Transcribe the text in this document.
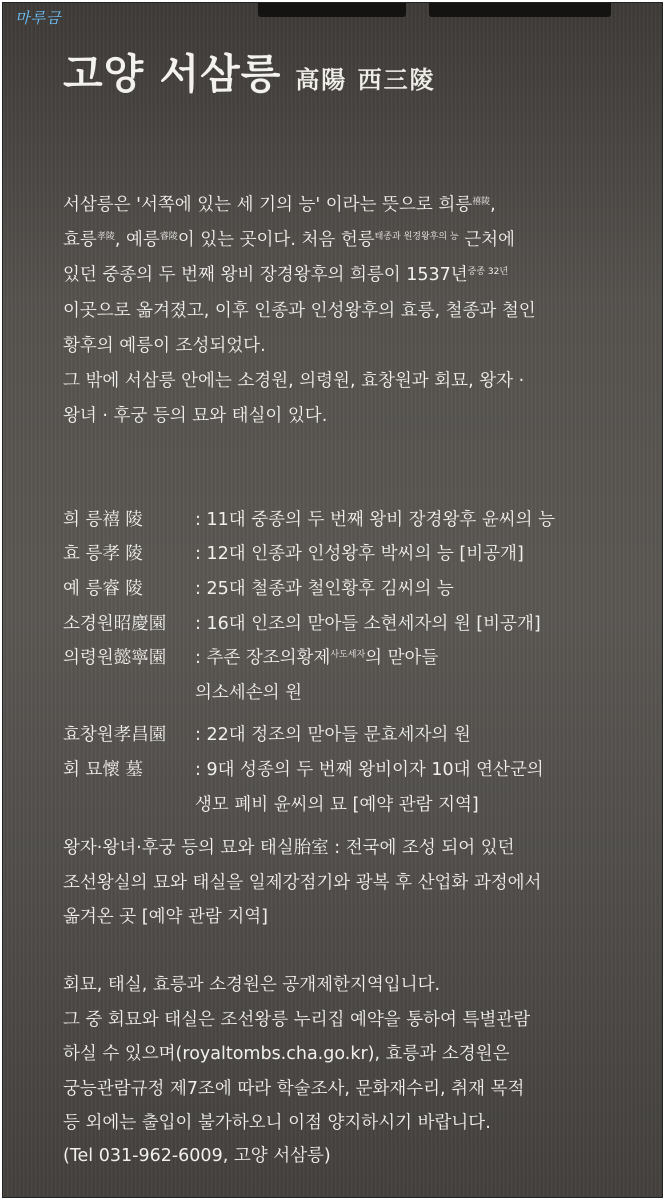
마루금
고양 서삼릉 高陽 西三陵
서삼릉은 '서쪽에 있는 세 기의 능' 이라는 뜻으로 희릉$^{禧陵}$,
효릉$^{孝陵}$, 예릉$^{睿陵}$이 있는 곳이다. 처음 헌릉$^{태종과 원경왕후의 능}$ 근처에
있던 중종의 두 번째 왕비 장경왕후의 희릉이 1537년$^{중종 32년}$
이곳으로 옮겨졌고, 이후 인종과 인성왕후의 효릉, 철종과 철인
황후의 예릉이 조성되었다.
그 밖에 서삼릉 안에는 소경원, 의령원, 효창원과 회묘, 왕자 ·
왕녀 · 후궁 등의 묘와 태실이 있다.
희 릉禧 陵	: 11대 중종의 두 번째 왕비 장경왕후 윤씨의 능
효 릉孝 陵	: 12대 인종과 인성왕후 박씨의 능 [비공개]
예 릉睿 陵	: 25대 철종과 철인황후 김씨의 능
소경원昭慶園 : 16대 인조의 맏아들 소현세자의 원 [비공개]
의령원懿寧園 : 추존 장조의황제$^{사도세자}$의 맏아들
의소세손의 원
효창원孝昌園 : 22대 정조의 맏아들 문효세자의 원
회 묘懷 墓	: 9대 성종의 두 번째 왕비이자 10대 연산군의
생모 폐비 윤씨의 묘 [예약 관람 지역]
왕자·왕녀·후궁 등의 묘와 태실胎室 : 전국에 조성 되어 있던
조선왕실의 묘와 태실을 일제강점기와 광복 후 산업화 과정에서
옮겨온 곳 [예약 관람 지역]
회묘, 태실, 효릉과 소경원은 공개제한지역입니다.
그 중 회묘와 태실은 조선왕릉 누리집 예약을 통하여 특별관람
하실 수 있으며(royaltombs.cha.go.kr), 효릉과 소경원은
궁능관람규정 제7조에 따라 학술조사, 문화재수리, 취재 목적
등 외에는 출입이 불가하오니 이점 양지하시기 바랍니다.
(Tel 031-962-6009, 고양 서삼릉)
